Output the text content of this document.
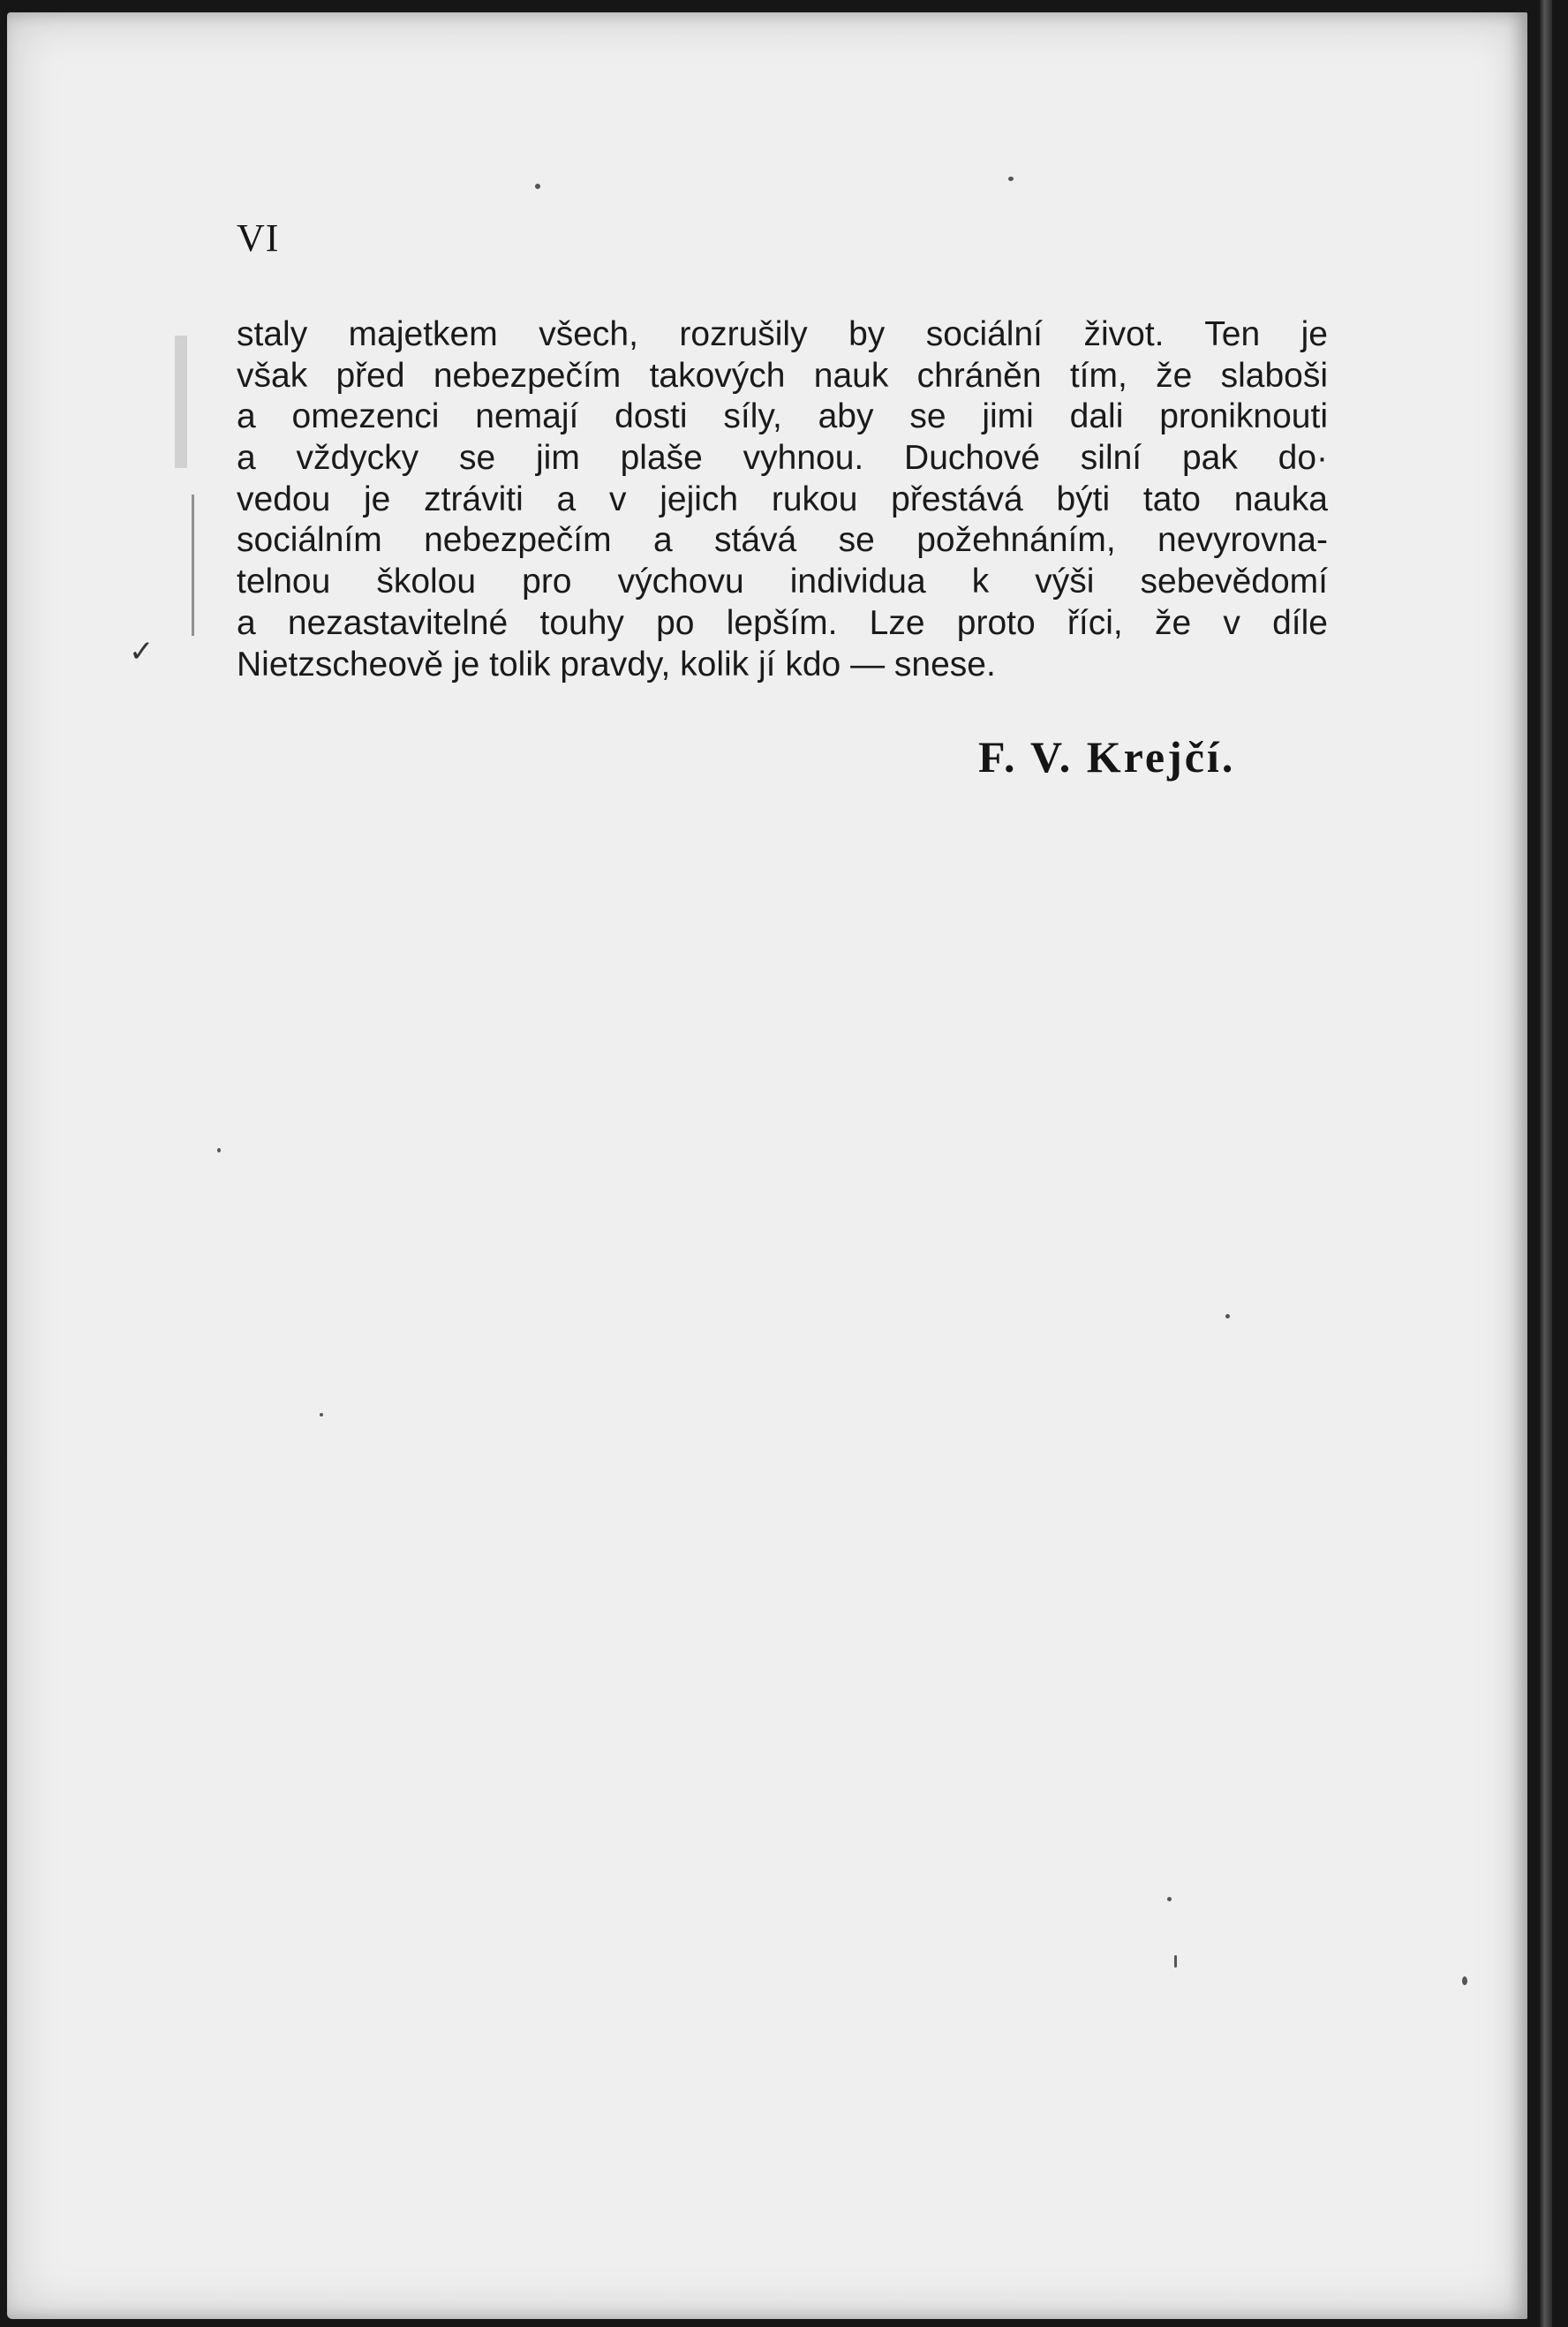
VI
staly majetkem všech, rozrušily by sociální život. Ten je
však před nebezpečím takových nauk chráněn tím, že slaboši
a omezenci nemají dosti síly, aby se jimi dali proniknouti
a vždycky se jim plaše vyhnou. Duchové silní pak do·
vedou je ztráviti a v jejich rukou přestává býti tato nauka
sociálním nebezpečím a stává se požehnáním, nevyrovna-
telnou školou pro výchovu individua k výši sebevědomí
a nezastavitelné touhy po lepším. Lze proto říci, že v díle
Nietzscheově je tolik pravdy, kolik jí kdo — snese.
F. V. Krejčí.
✓
